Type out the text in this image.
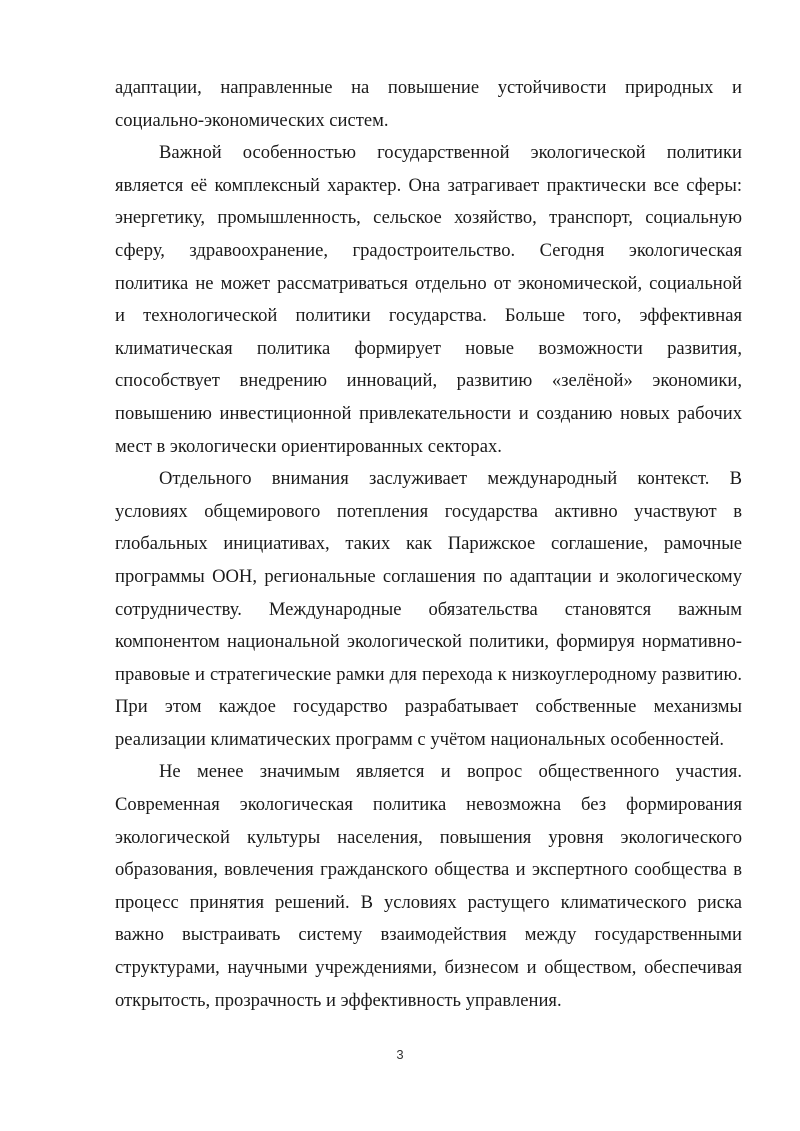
адаптации, направленные на повышение устойчивости природных и
социально-экономических систем.
Важной особенностью государственной экологической политики
является её комплексный характер. Она затрагивает практически все сферы:
энергетику, промышленность, сельское хозяйство, транспорт, социальную
сферу, здравоохранение, градостроительство. Сегодня экологическая
политика не может рассматриваться отдельно от экономической, социальной
и технологической политики государства. Больше того, эффективная
климатическая политика формирует новые возможности развития,
способствует внедрению инноваций, развитию «зелёной» экономики,
повышению инвестиционной привлекательности и созданию новых рабочих
мест в экологически ориентированных секторах.
Отдельного внимания заслуживает международный контекст. В
условиях общемирового потепления государства активно участвуют в
глобальных инициативах, таких как Парижское соглашение, рамочные
программы ООН, региональные соглашения по адаптации и экологическому
сотрудничеству. Международные обязательства становятся важным
компонентом национальной экологической политики, формируя нормативно-
правовые и стратегические рамки для перехода к низкоуглеродному развитию.
При этом каждое государство разрабатывает собственные механизмы
реализации климатических программ с учётом национальных особенностей.
Не менее значимым является и вопрос общественного участия.
Современная экологическая политика невозможна без формирования
экологической культуры населения, повышения уровня экологического
образования, вовлечения гражданского общества и экспертного сообщества в
процесс принятия решений. В условиях растущего климатического риска
важно выстраивать систему взаимодействия между государственными
структурами, научными учреждениями, бизнесом и обществом, обеспечивая
открытость, прозрачность и эффективность управления.
3
